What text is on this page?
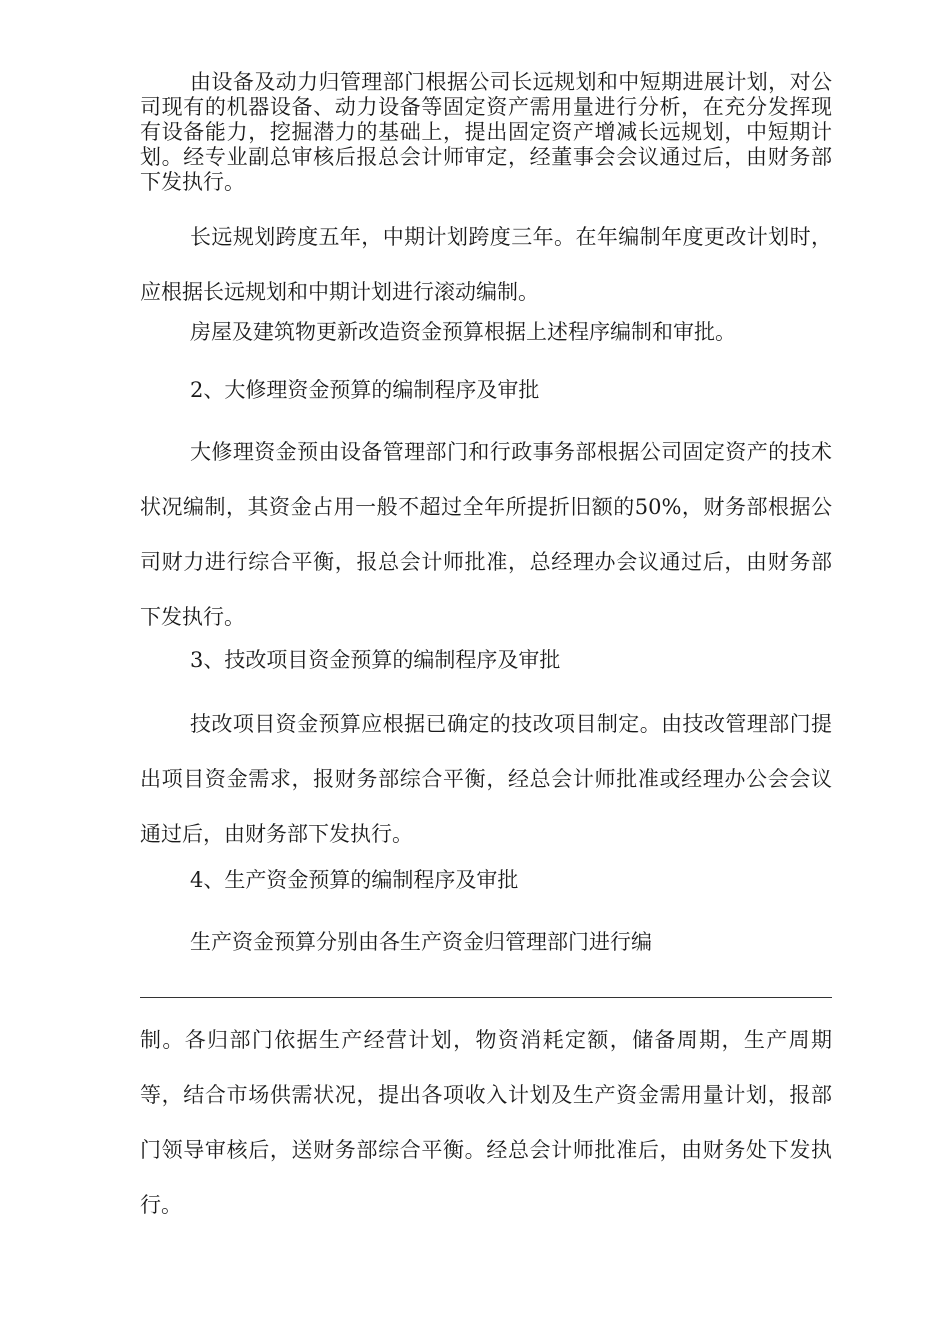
由设备及动力归管理部门根据公司长远规划和中短期进展计划，对公司现有的机器设备、动力设备等固定资产需用量进行分析，在充分发挥现有设备能力，挖掘潜力的基础上，提出固定资产增减长远规划，中短期计划。经专业副总审核后报总会计师审定，经董事会会议通过后，由财务部下发执行。

长远规划跨度五年，中期计划跨度三年。在年编制年度更改计划时，应根据长远规划和中期计划进行滚动编制。

房屋及建筑物更新改造资金预算根据上述程序编制和审批。

2、大修理资金预算的编制程序及审批

大修理资金预由设备管理部门和行政事务部根据公司固定资产的技术状况编制，其资金占用一般不超过全年所提折旧额的50%，财务部根据公司财力进行综合平衡，报总会计师批准，总经理办会议通过后，由财务部下发执行。

3、技改项目资金预算的编制程序及审批

技改项目资金预算应根据已确定的技改项目制定。由技改管理部门提出项目资金需求，报财务部综合平衡，经总会计师批准或经理办公会会议通过后，由财务部下发执行。

4、生产资金预算的编制程序及审批

生产资金预算分别由各生产资金归管理部门进行编

制。各归部门依据生产经营计划，物资消耗定额，储备周期，生产周期等，结合市场供需状况，提出各项收入计划及生产资金需用量计划，报部门领导审核后，送财务部综合平衡。经总会计师批准后，由财务处下发执行。
